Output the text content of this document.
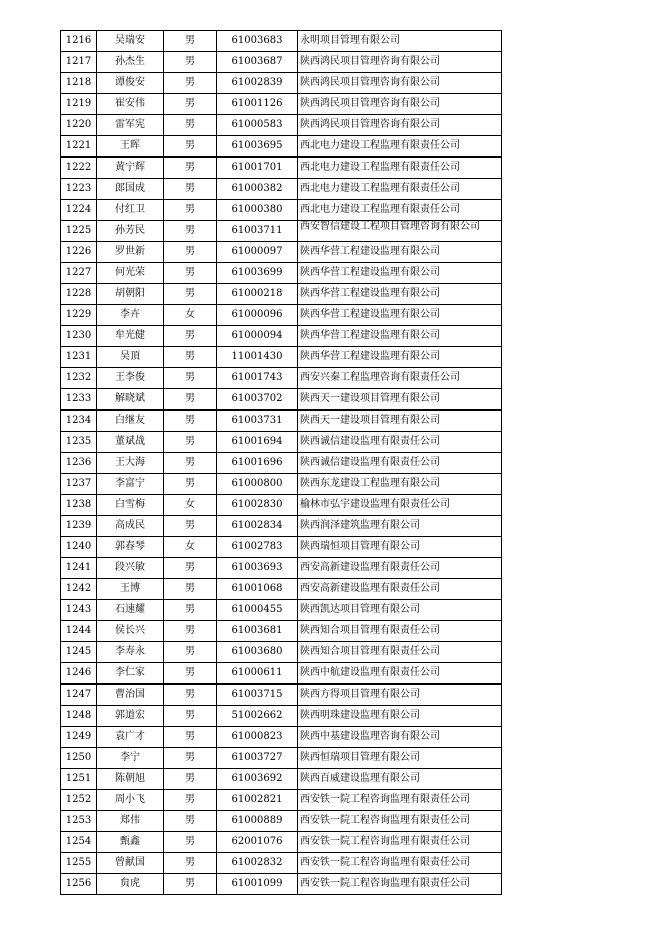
1216	吴瑞安	男	61003683	永明项目管理有限公司
1217	孙杰生	男	61003687	陕西鸿民项目管理咨询有限公司
1218	谭俊安	男	61002839	陕西鸿民项目管理咨询有限公司
1219	崔安伟	男	61001126	陕西鸿民项目管理咨询有限公司
1220	雷军宪	男	61000583	陕西鸿民项目管理咨询有限公司
1221	王晖	男	61003695	西北电力建设工程监理有限责任公司
1222	黄宁辉	男	61001701	西北电力建设工程监理有限责任公司
1223	郎国成	男	61000382	西北电力建设工程监理有限责任公司
1224	付红卫	男	61000380	西北电力建设工程监理有限责任公司
1225	孙芳民	男	61003711	西安智信建设工程项目管理咨询有限公司
1226	罗世新	男	61000097	陕西华营工程建设监理有限公司
1227	何光荣	男	61003699	陕西华营工程建设监理有限公司
1228	胡朝阳	男	61000218	陕西华营工程建设监理有限公司
1229	李卉	女	61000096	陕西华营工程建设监理有限公司
1230	牟光健	男	61000094	陕西华营工程建设监理有限公司
1231	吴頂	男	11001430	陕西华营工程建设监理有限公司
1232	王李俊	男	61001743	西安兴秦工程监理咨询有限责任公司
1233	解晓斌	男	61003702	陕西天一建设项目管理有限公司
1234	白继友	男	61003731	陕西天一建设项目管理有限公司
1235	董斌战	男	61001694	陕西诚信建设监理有限责任公司
1236	王大海	男	61001696	陕西诚信建设监理有限责任公司
1237	李富宁	男	61000800	陕西东龙建设工程监理有限公司
1238	白雪梅	女	61002830	榆林市弘宇建设监理有限责任公司
1239	高成民	男	61002834	陕西润泽建筑监理有限公司
1240	郭春琴	女	61002783	陕西瑞恒项目管理有限公司
1241	段兴敏	男	61003693	西安高新建设监理有限责任公司
1242	王博	男	61001068	西安高新建设监理有限责任公司
1243	石速耀	男	61000455	陕西凯达项目管理有限公司
1244	侯长兴	男	61003681	陕西知合项目管理有限责任公司
1245	李寿永	男	61003680	陕西知合项目管理有限责任公司
1246	李仁家	男	61000611	陕西中航建设监理有限责任公司
1247	曹治国	男	61003715	陕西方得项目管理有限公司
1248	郭道宏	男	51002662	陕西明珠建设监理有限公司
1249	袁广才	男	61000823	陕西中基建设监理咨询有限公司
1250	李宁	男	61003727	陕西恒瑞项目管理有限公司
1251	陈朝旭	男	61003692	陕西百威建设监理有限公司
1252	周小飞	男	61002821	西安铁一院工程咨询监理有限责任公司
1253	郑伟	男	61000889	西安铁一院工程咨询监理有限责任公司
1254	甄鑫	男	62001076	西安铁一院工程咨询监理有限责任公司
1255	曾献国	男	61002832	西安铁一院工程咨询监理有限责任公司
1256	贠虎	男	61001099	西安铁一院工程咨询监理有限责任公司
